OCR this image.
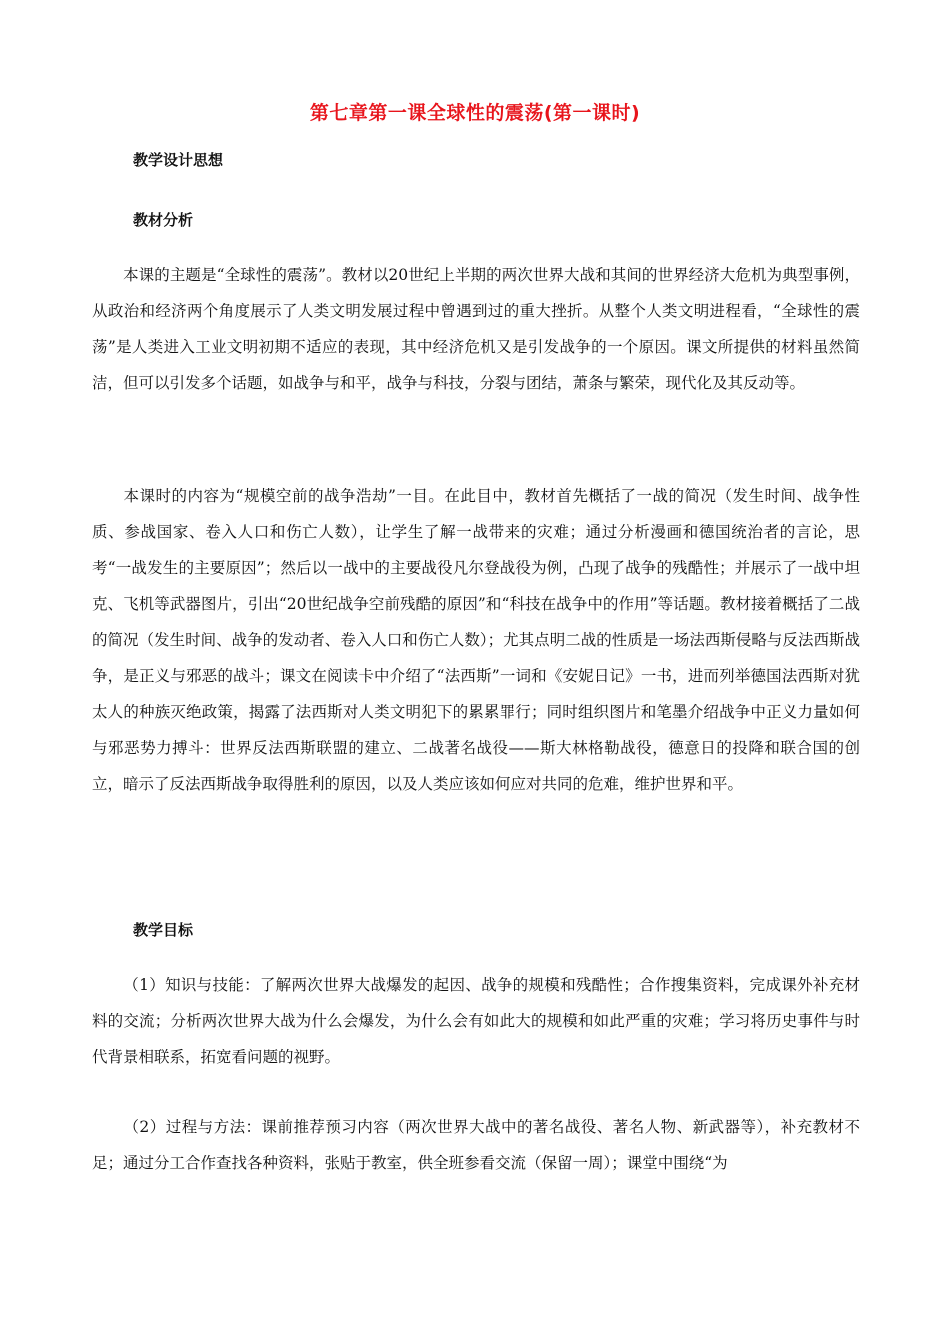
第七章第一课全球性的震荡(第一课时)
教学设计思想
教材分析
本课的主题是“全球性的震荡”。教材以20世纪上半期的两次世界大战和其间的世界经济大危机为典型事例，从政治和经济两个角度展示了人类文明发展过程中曾遇到过的重大挫折。从整个人类文明进程看，“全球性的震荡”是人类进入工业文明初期不适应的表现，其中经济危机又是引发战争的一个原因。课文所提供的材料虽然简洁，但可以引发多个话题，如战争与和平，战争与科技，分裂与团结，萧条与繁荣，现代化及其反动等。
本课时的内容为“规模空前的战争浩劫”一目。在此目中，教材首先概括了一战的简况（发生时间、战争性质、参战国家、卷入人口和伤亡人数），让学生了解一战带来的灾难；通过分析漫画和德国统治者的言论，思考“一战发生的主要原因”；然后以一战中的主要战役凡尔登战役为例，凸现了战争的残酷性；并展示了一战中坦克、飞机等武器图片，引出“20世纪战争空前残酷的原因”和“科技在战争中的作用”等话题。教材接着概括了二战的简况（发生时间、战争的发动者、卷入人口和伤亡人数）；尤其点明二战的性质是一场法西斯侵略与反法西斯战争，是正义与邪恶的战斗；课文在阅读卡中介绍了“法西斯”一词和《安妮日记》一书，进而列举德国法西斯对犹太人的种族灭绝政策，揭露了法西斯对人类文明犯下的累累罪行；同时组织图片和笔墨介绍战争中正义力量如何与邪恶势力搏斗：世界反法西斯联盟的建立、二战著名战役——斯大林格勒战役，德意日的投降和联合国的创立，暗示了反法西斯战争取得胜利的原因，以及人类应该如何应对共同的危难，维护世界和平。
教学目标
（1）知识与技能：了解两次世界大战爆发的起因、战争的规模和残酷性；合作搜集资料，完成课外补充材料的交流；分析两次世界大战为什么会爆发，为什么会有如此大的规模和如此严重的灾难；学习将历史事件与时代背景相联系，拓宽看问题的视野。
（2）过程与方法：课前推荐预习内容（两次世界大战中的著名战役、著名人物、新武器等），补充教材不足；通过分工合作查找各种资料，张贴于教室，供全班参看交流（保留一周）；课堂中围绕“为
